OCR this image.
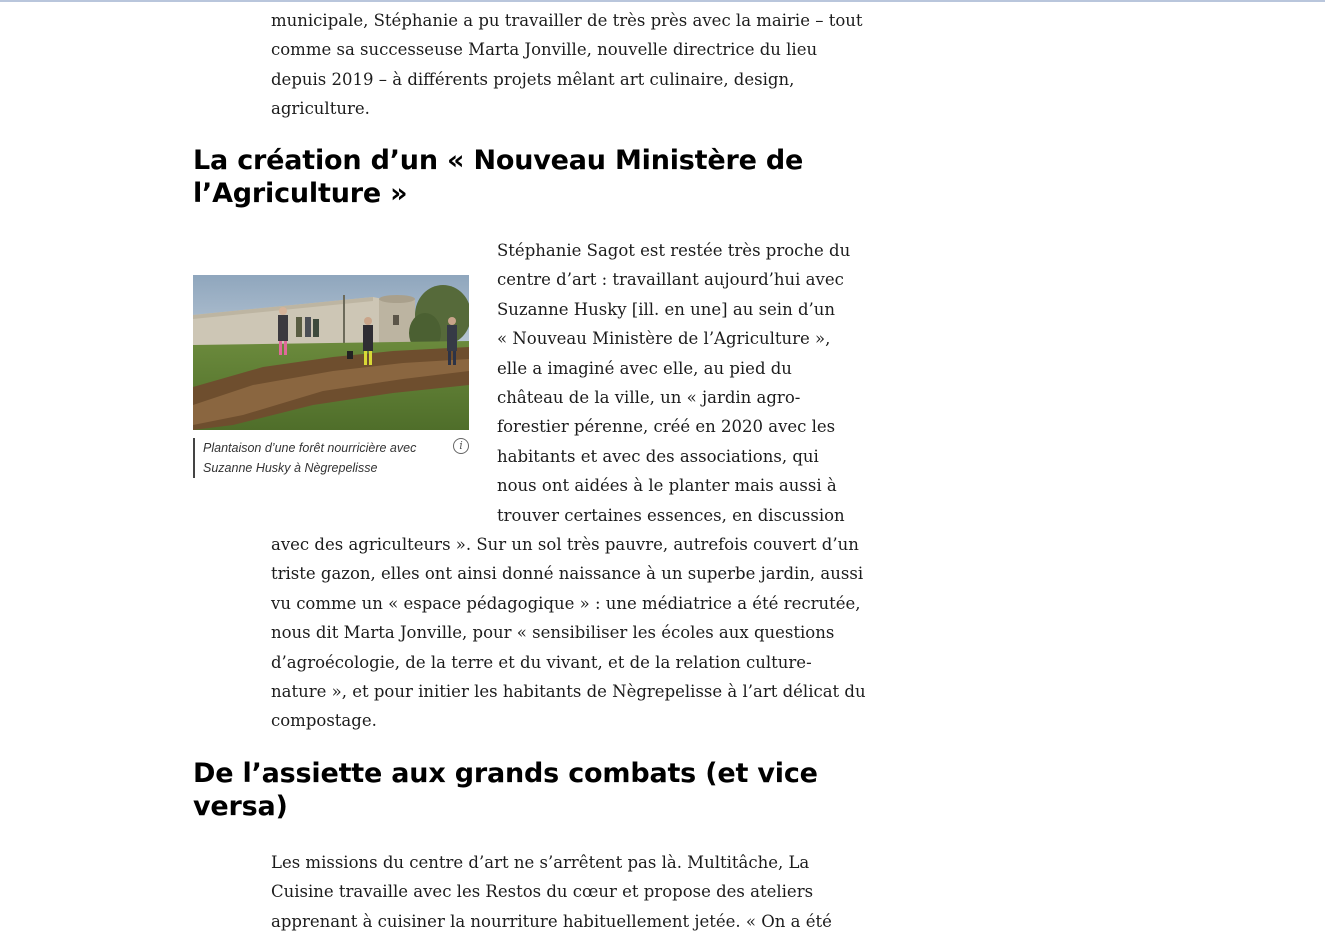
municipale, Stéphanie a pu travailler de très près avec la mairie – tout
comme sa successeuse Marta Jonville, nouvelle directrice du lieu
depuis 2019 – à différents projets mêlant art culinaire, design,
agriculture.

La création d’un « Nouveau Ministère de
l’Agriculture »
Plantaison d’une forêt nourricière avec
Suzanne Husky à Nègrepelisse
i

Stéphanie Sagot est restée très proche du
centre d’art : travaillant aujourd’hui avec
Suzanne Husky [ill. en une] au sein d’un
« Nouveau Ministère de l’Agriculture »,
elle a imaginé avec elle, au pied du
château de la ville, un « jardin agro-
forestier pérenne, créé en 2020 avec les
habitants et avec des associations, qui
nous ont aidées à le planter mais aussi à
trouver certaines essences, en discussion

avec des agriculteurs ». Sur un sol très pauvre, autrefois couvert d’un
triste gazon, elles ont ainsi donné naissance à un superbe jardin, aussi
vu comme un « espace pédagogique » : une médiatrice a été recrutée,
nous dit Marta Jonville, pour « sensibiliser les écoles aux questions
d’agroécologie, de la terre et du vivant, et de la relation culture-
nature », et pour initier les habitants de Nègrepelisse à l’art délicat du
compostage.

De l’assiette aux grands combats (et vice
versa)

Les missions du centre d’art ne s’arrêtent pas là. Multitâche, La
Cuisine travaille avec les Restos du cœur et propose des ateliers
apprenant à cuisiner la nourriture habituellement jetée. « On a été
